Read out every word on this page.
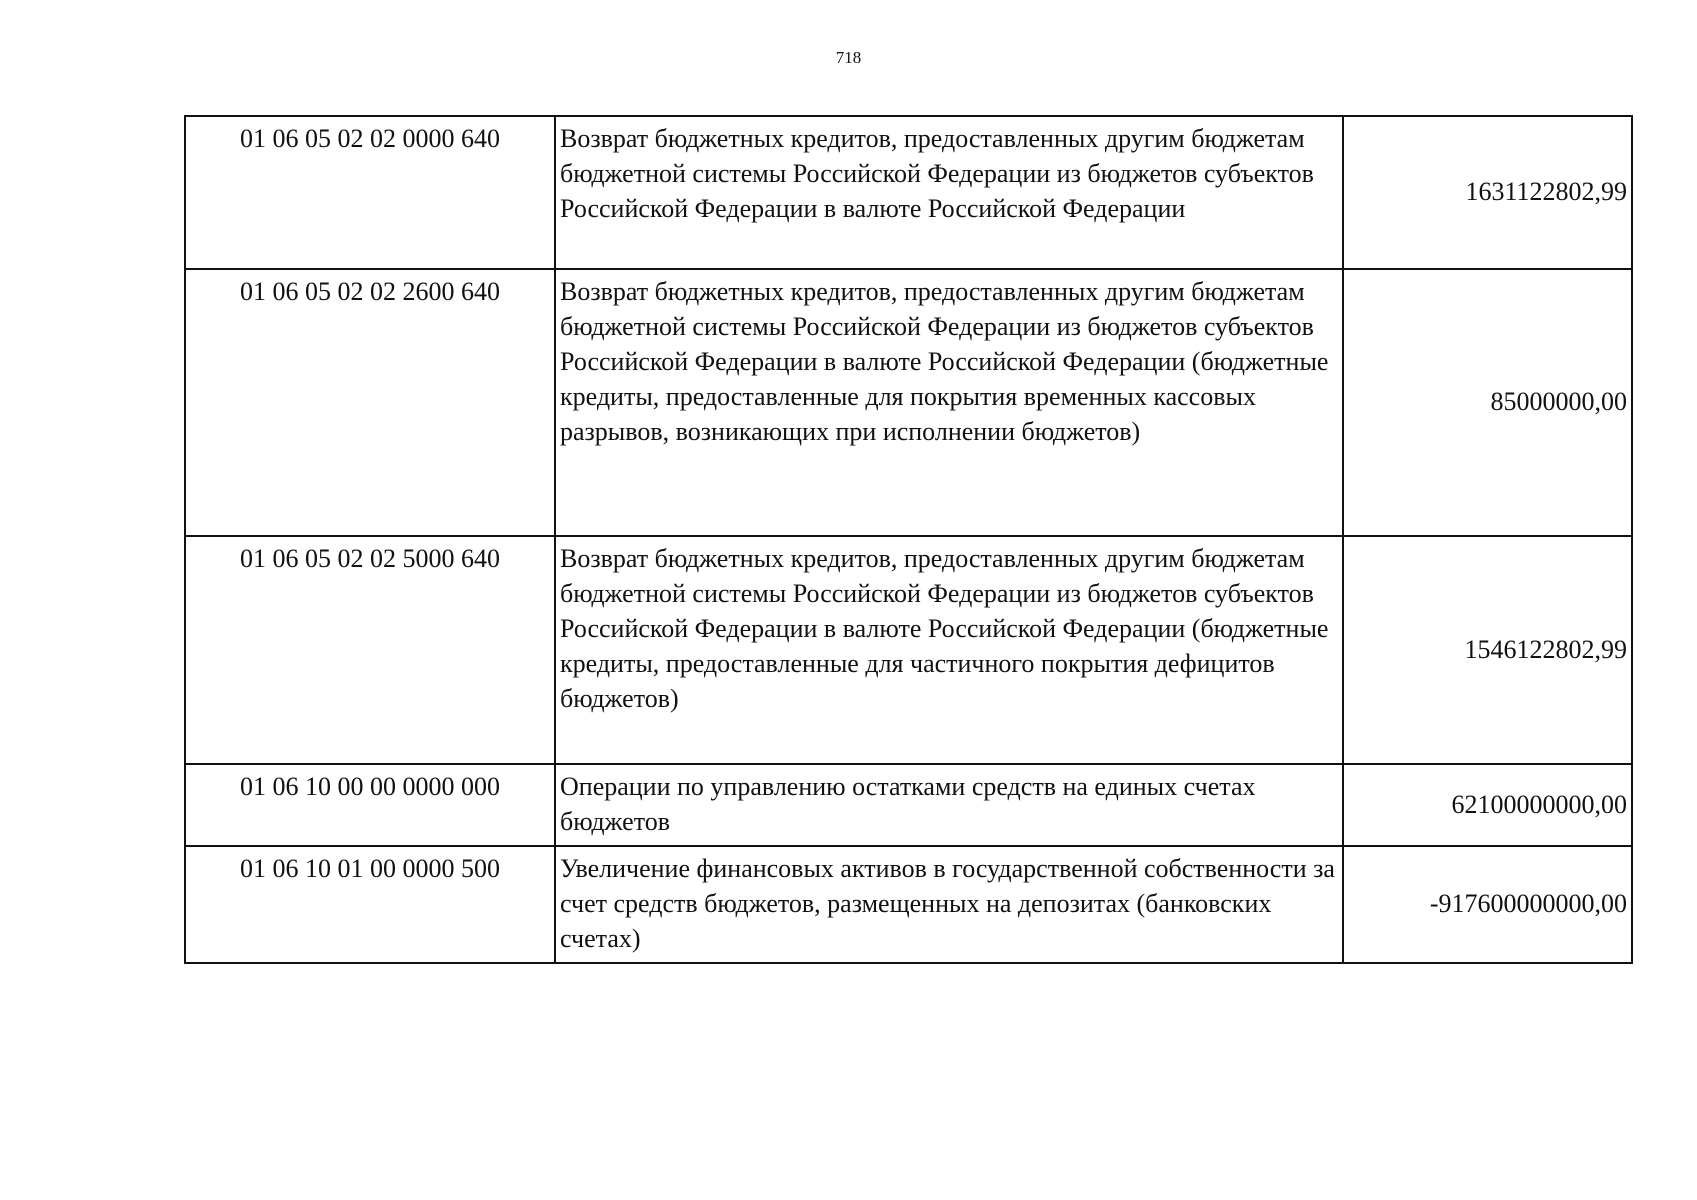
718
01 06 05 02 02 0000 640	Возврат бюджетных кредитов, предоставленных другим бюджетам бюджетной системы Российской Федерации из бюджетов субъектов Российской Федерации в валюте Российской Федерации	1631122802,99
01 06 05 02 02 2600 640	Возврат бюджетных кредитов, предоставленных другим бюджетам бюджетной системы Российской Федерации из бюджетов субъектов Российской Федерации в валюте Российской Федерации (бюджетные кредиты, предоставленные для покрытия временных кассовых разрывов, возникающих при исполнении бюджетов)	85000000,00
01 06 05 02 02 5000 640	Возврат бюджетных кредитов, предоставленных другим бюджетам бюджетной системы Российской Федерации из бюджетов субъектов Российской Федерации в валюте Российской Федерации (бюджетные кредиты, предоставленные для частичного покрытия дефицитов бюджетов)	1546122802,99
01 06 10 00 00 0000 000	Операции по управлению остатками средств на единых счетах бюджетов	62100000000,00
01 06 10 01 00 0000 500	Увеличение финансовых активов в государственной собственности за счет средств бюджетов, размещенных на депозитах (банковских счетах)	-917600000000,00
